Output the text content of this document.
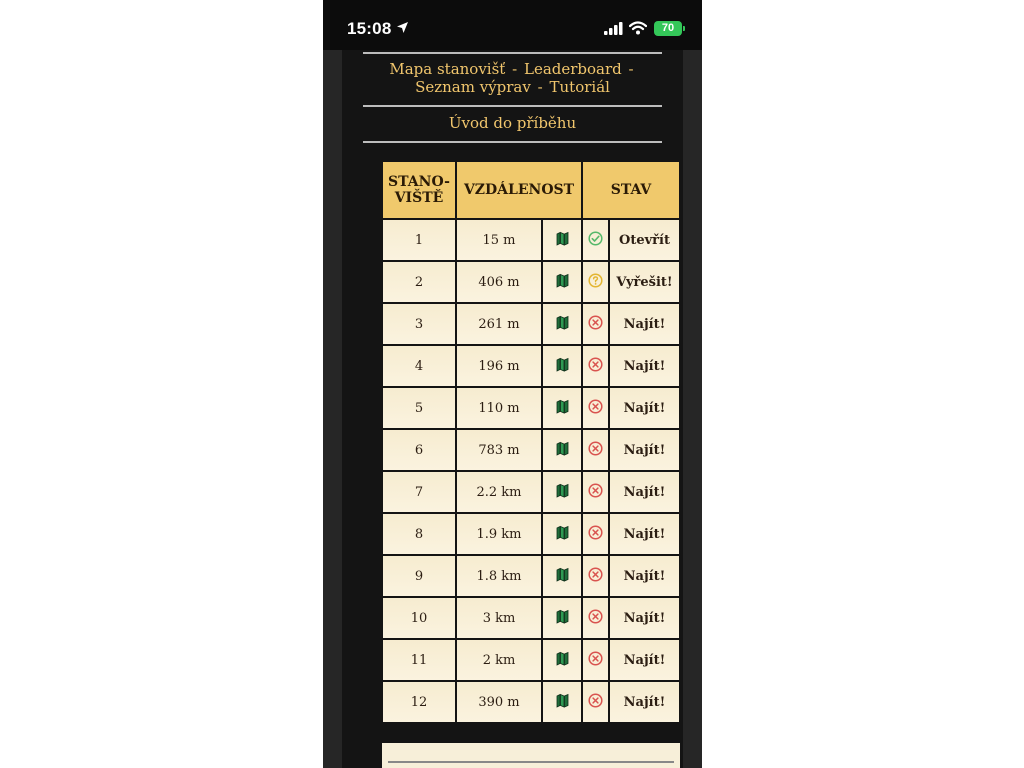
15:08	70
Mapa stanovišť - Leaderboard -
Seznam výprav - Tutoriál
Úvod do příběhu
STANO-
VIŠTĚ	VZDÁLENOST		STAV	
1	15 m			Otevřít
2	406 m			Vyřešit!
3	261 m			Najít!
4	196 m			Najít!
5	110 m			Najít!
6	783 m			Najít!
7	2.2 km			Najít!
8	1.9 km			Najít!
9	1.8 km			Najít!
10	3 km			Najít!
11	2 km			Najít!
12	390 m			Najít!
